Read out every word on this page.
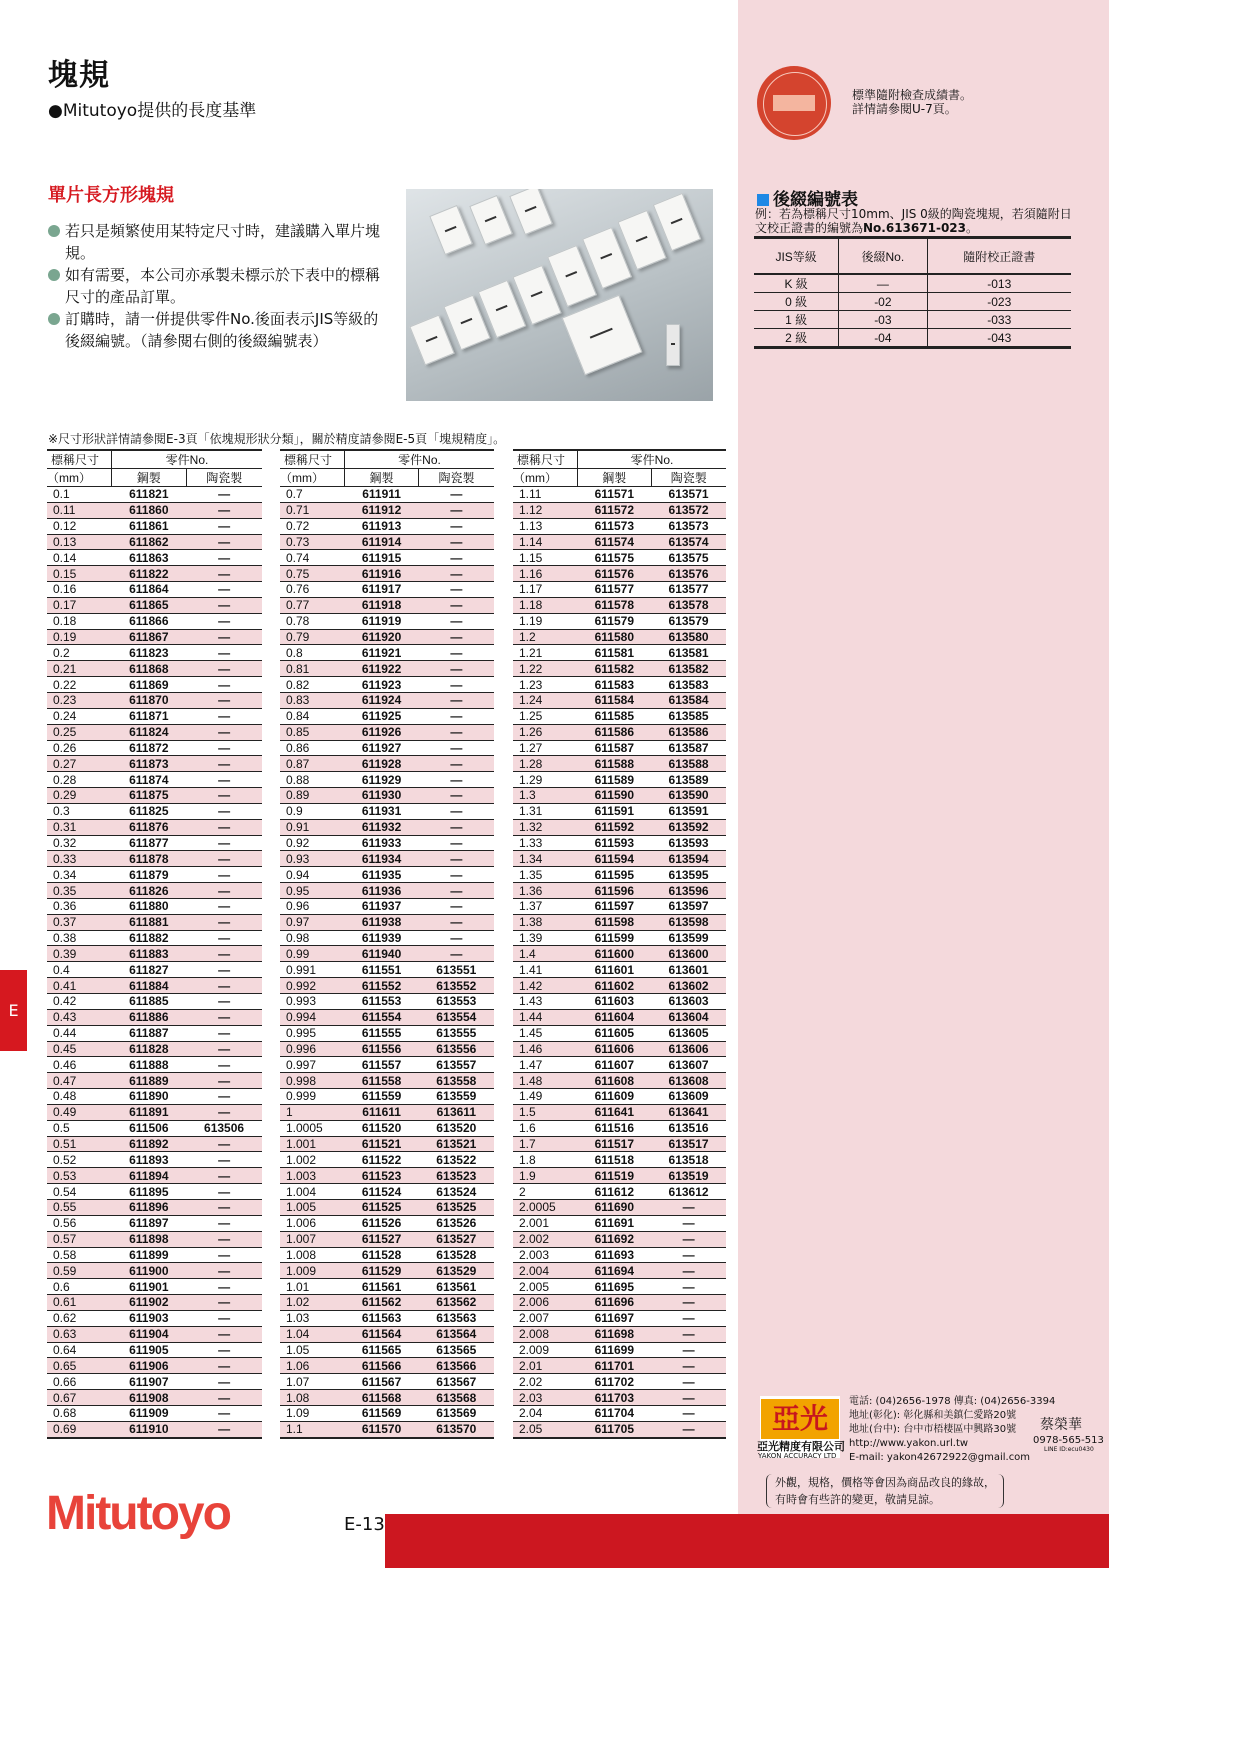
塊規
●Mitutoyo提供的長度基準
單片長方形塊規
若只是頻繁使用某特定尺寸時，建議購入單片塊規。
如有需要，本公司亦承製未標示於下表中的標稱尺寸的產品訂單。
訂購時，請一併提供零件No.後面表示JIS等級的後綴編號。（請參閱右側的後綴編號表）
※尺寸形狀詳情請參閱E-3頁「依塊規形狀分類」，關於精度請參閱E-5頁「塊規精度」。
標稱尺寸	零件No.	
（mm）	鋼製	陶瓷製
0.1	611821	—
0.11	611860	—
0.12	611861	—
0.13	611862	—
0.14	611863	—
0.15	611822	—
0.16	611864	—
0.17	611865	—
0.18	611866	—
0.19	611867	—
0.2	611823	—
0.21	611868	—
0.22	611869	—
0.23	611870	—
0.24	611871	—
0.25	611824	—
0.26	611872	—
0.27	611873	—
0.28	611874	—
0.29	611875	—
0.3	611825	—
0.31	611876	—
0.32	611877	—
0.33	611878	—
0.34	611879	—
0.35	611826	—
0.36	611880	—
0.37	611881	—
0.38	611882	—
0.39	611883	—
0.4	611827	—
0.41	611884	—
0.42	611885	—
0.43	611886	—
0.44	611887	—
0.45	611828	—
0.46	611888	—
0.47	611889	—
0.48	611890	—
0.49	611891	—
0.5	611506	613506
0.51	611892	—
0.52	611893	—
0.53	611894	—
0.54	611895	—
0.55	611896	—
0.56	611897	—
0.57	611898	—
0.58	611899	—
0.59	611900	—
0.6	611901	—
0.61	611902	—
0.62	611903	—
0.63	611904	—
0.64	611905	—
0.65	611906	—
0.66	611907	—
0.67	611908	—
0.68	611909	—
0.69	611910	—
標稱尺寸	零件No.	
（mm）	鋼製	陶瓷製
0.7	611911	—
0.71	611912	—
0.72	611913	—
0.73	611914	—
0.74	611915	—
0.75	611916	—
0.76	611917	—
0.77	611918	—
0.78	611919	—
0.79	611920	—
0.8	611921	—
0.81	611922	—
0.82	611923	—
0.83	611924	—
0.84	611925	—
0.85	611926	—
0.86	611927	—
0.87	611928	—
0.88	611929	—
0.89	611930	—
0.9	611931	—
0.91	611932	—
0.92	611933	—
0.93	611934	—
0.94	611935	—
0.95	611936	—
0.96	611937	—
0.97	611938	—
0.98	611939	—
0.99	611940	—
0.991	611551	613551
0.992	611552	613552
0.993	611553	613553
0.994	611554	613554
0.995	611555	613555
0.996	611556	613556
0.997	611557	613557
0.998	611558	613558
0.999	611559	613559
1	611611	613611
1.0005	611520	613520
1.001	611521	613521
1.002	611522	613522
1.003	611523	613523
1.004	611524	613524
1.005	611525	613525
1.006	611526	613526
1.007	611527	613527
1.008	611528	613528
1.009	611529	613529
1.01	611561	613561
1.02	611562	613562
1.03	611563	613563
1.04	611564	613564
1.05	611565	613565
1.06	611566	613566
1.07	611567	613567
1.08	611568	613568
1.09	611569	613569
1.1	611570	613570
標稱尺寸	零件No.	
（mm）	鋼製	陶瓷製
1.11	611571	613571
1.12	611572	613572
1.13	611573	613573
1.14	611574	613574
1.15	611575	613575
1.16	611576	613576
1.17	611577	613577
1.18	611578	613578
1.19	611579	613579
1.2	611580	613580
1.21	611581	613581
1.22	611582	613582
1.23	611583	613583
1.24	611584	613584
1.25	611585	613585
1.26	611586	613586
1.27	611587	613587
1.28	611588	613588
1.29	611589	613589
1.3	611590	613590
1.31	611591	613591
1.32	611592	613592
1.33	611593	613593
1.34	611594	613594
1.35	611595	613595
1.36	611596	613596
1.37	611597	613597
1.38	611598	613598
1.39	611599	613599
1.4	611600	613600
1.41	611601	613601
1.42	611602	613602
1.43	611603	613603
1.44	611604	613604
1.45	611605	613605
1.46	611606	613606
1.47	611607	613607
1.48	611608	613608
1.49	611609	613609
1.5	611641	613641
1.6	611516	613516
1.7	611517	613517
1.8	611518	613518
1.9	611519	613519
2	611612	613612
2.0005	611690	—
2.001	611691	—
2.002	611692	—
2.003	611693	—
2.004	611694	—
2.005	611695	—
2.006	611696	—
2.007	611697	—
2.008	611698	—
2.009	611699	—
2.01	611701	—
2.02	611702	—
2.03	611703	—
2.04	611704	—
2.05	611705	—
標準隨附檢查成績書。
詳情請參閱U-7頁。
後綴編號表
例：若為標稱尺寸10mm、JIS 0級的陶瓷塊規，若須隨附日文校正證書的編號為No.613671-023。
JIS等級	後綴No.	隨附校正證書
K 級	—	-013
0 級	-02	-023
1 級	-03	-033
2 級	-04	-043
E
亞光
亞光精度有限公司
YAKON ACCURACY LTD
電話: (04)2656-1978 傳真: (04)2656-3394
地址(彰化): 彰化縣和美鎮仁愛路20號
地址(台中): 台中市梧棲區中興路30號
http://www.yakon.url.tw
E-mail: yakon42672922@gmail.com
蔡榮華
0978-565-513
LINE ID:ecu0430
外觀，規格，價格等會因為商品改良的緣故，
有時會有些許的變更，敬請見諒。
Mitutoyo	E-13
